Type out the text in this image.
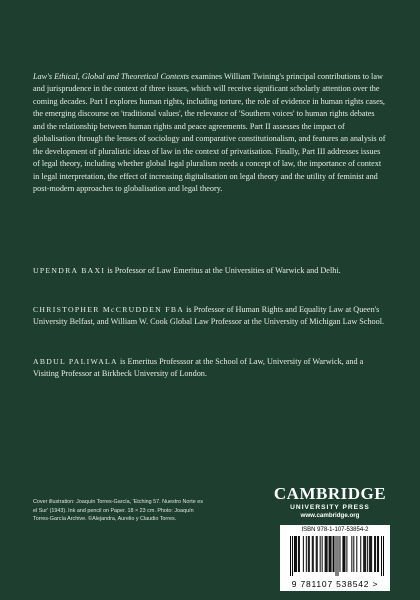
Law's Ethical, Global and Theoretical Contexts examines William Twining's principal contributions to law and jurisprudence in the context of three issues, which will receive significant scholarly attention over the coming decades. Part I explores human rights, including torture, the role of evidence in human rights cases, the emerging discourse on 'traditional values', the relevance of 'Southern voices' to human rights debates and the relationship between human rights and peace agreements. Part II assesses the impact of globalisation through the lenses of sociology and comparative constitutionalism, and features an analysis of the development of pluralistic ideas of law in the context of privatisation. Finally, Part III addresses issues of legal theory, including whether global legal pluralism needs a concept of law, the importance of context in legal interpretation, the effect of increasing digitalisation on legal theory and the utility of feminist and post-modern approaches to globalisation and legal theory.

UPENDRA BAXI is Professor of Law Emeritus at the Universities of Warwick and Delhi.

CHRISTOPHER McCRUDDEN FBA is Professor of Human Rights and Equality Law at Queen's University Belfast, and William W. Cook Global Law Professor at the University of Michigan Law School.

ABDUL PALIWALA is Emeritus Professsor at the School of Law, University of Warwick, and a Visiting Professor at Birkbeck University of London.

Cover illustration: Joaquín Torres-García, 'Etching 57. Nuestro Norte es el Sur' (1943). Ink and pencil on Paper. 18 × 23 cm. Photo: Joaquín Torres-García Archive. ©Alejandra, Aurelio y Claudio Torres.

CAMBRIDGE
UNIVERSITY PRESS
www.cambridge.org
ISBN 978-1-107-53854-2
9 781107 538542 >
